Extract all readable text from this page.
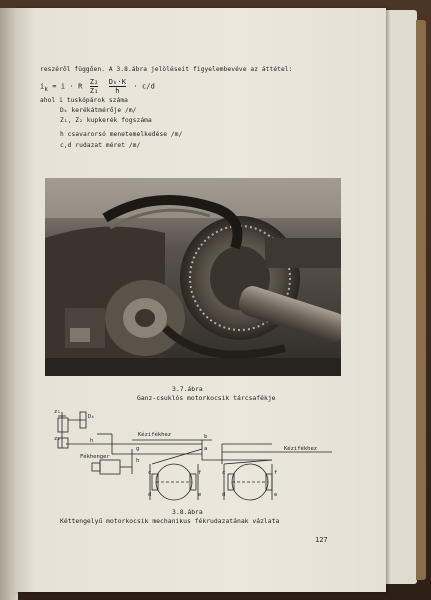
reszéről függően. A 3.8.ábra jelöléseit figyelembevéve az áttétel:
$i_k = i \cdot R \frac{\text{Z₂}}{\text{Z₁}}$
$\frac{\text{Dₖ·K}}{h} \cdot c/d$
ahol i tuskópárok száma
Dₖ kerékátmérője /m/
Z₁, Z₂ kupkerék fogszáma
h csavarorsó menetemelkedése /m/
c,d rudazat méret /m/
3.7.ábra
Ganz-csuklós motorkocsik tárcsafékje
z₁
z₂
Dₖ
h
Kézifékhez	b
a
Fékhenger
g
h
Kézifékhez
c
d
f
e
c
d
f
e
3.8.ábra
Kéttengelyű motorkocsik mechanikus fékrudazatának vázlata
127
